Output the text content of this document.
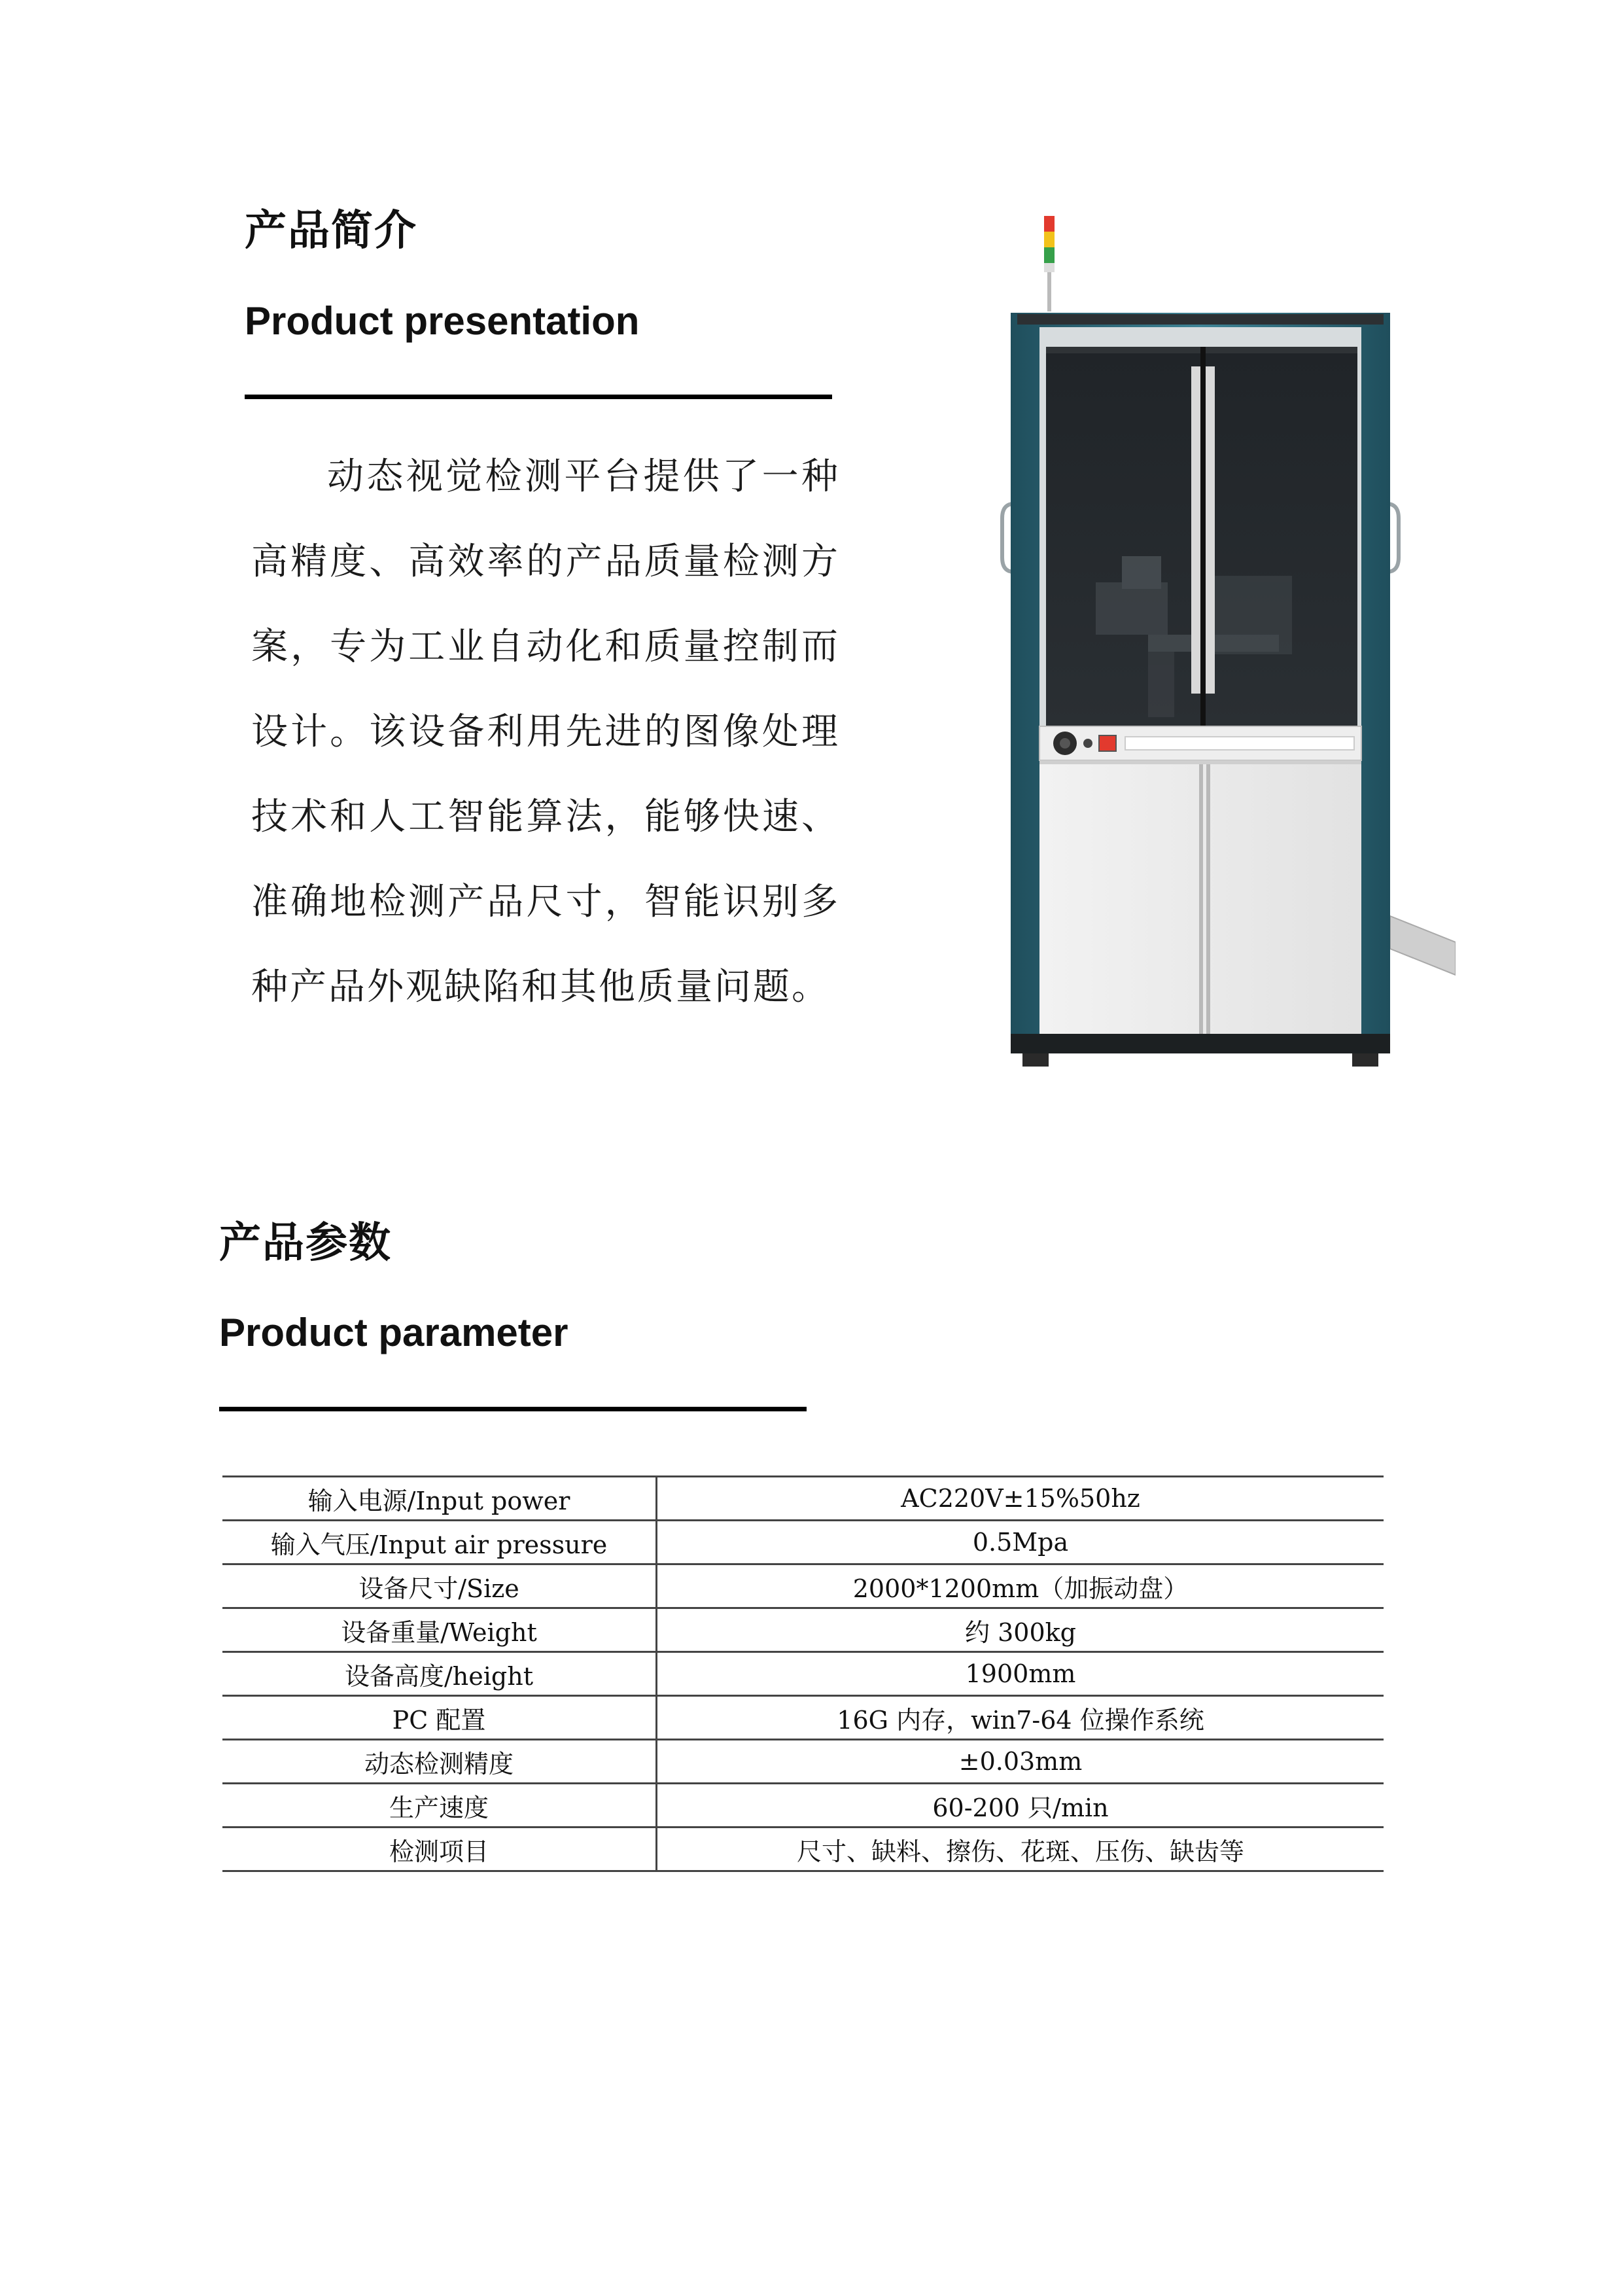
产品简介
Product presentation
动态视觉检测平台提供了一种高精度、高效率的产品质量检测方案，专为工业自动化和质量控制而设计。该设备利用先进的图像处理技术和人工智能算法，能够快速、准确地检测产品尺寸，智能识别多种产品外观缺陷和其他质量问题。
产品参数
Product parameter
输入电源/Input power	AC220V±15%50hz
输入气压/Input air pressure	0.5Mpa
设备尺寸/Size	2000*1200mm（加振动盘）
设备重量/Weight	约 300kg
设备高度/height	1900mm
PC 配置	16G 内存，win7-64 位操作系统
动态检测精度	±0.03mm
生产速度	60-200 只/min
检测项目	尺寸、缺料、擦伤、花斑、压伤、缺齿等
